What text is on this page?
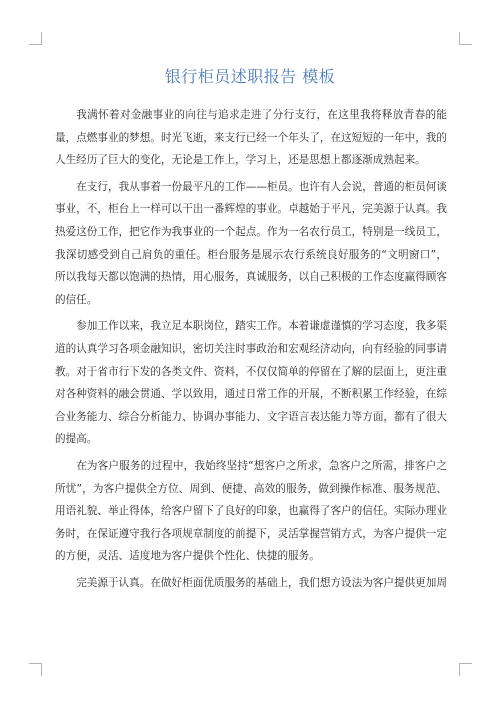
银行柜员述职报告 模板

我满怀着对金融事业的向往与追求走进了分行支行，在这里我将释放青春的能量，点燃事业的梦想。时光飞逝，来支行已经一个年头了，在这短短的一年中，我的人生经历了巨大的变化，无论是工作上，学习上，还是思想上都逐渐成熟起来。

在支行，我从事着一份最平凡的工作——柜员。也许有人会说，普通的柜员何谈事业，不，柜台上一样可以干出一番辉煌的事业。卓越始于平凡，完美源于认真。我热爱这份工作，把它作为我事业的一个起点。作为一名农行员工，特别是一线员工，我深切感受到自己肩负的重任。柜台服务是展示农行系统良好服务的“文明窗口”，所以我每天都以饱满的热情，用心服务，真诚服务，以自己积极的工作态度赢得顾客的信任。

参加工作以来，我立足本职岗位，踏实工作。本着谦虚谨慎的学习态度，我多渠道的认真学习各项金融知识，密切关注时事政治和宏观经济动向，向有经验的同事请教。对于省市行下发的各类文件、资料，不仅仅简单的停留在了解的层面上，更注重对各种资料的融会贯通、学以致用，通过日常工作的开展，不断积累工作经验，在综合业务能力、综合分析能力、协调办事能力、文字语言表达能力等方面，都有了很大的提高。

在为客户服务的过程中，我始终坚持“想客户之所求，急客户之所需，排客户之所忧”，为客户提供全方位、周到、便捷、高效的服务，做到操作标准、服务规范、用语礼貌、举止得体，给客户留下了良好的印象，也赢得了客户的信任。实际办理业务时，在保证遵守我行各项规章制度的前提下，灵活掌握营销方式，为客户提供一定的方便，灵活、适度地为客户提供个性化、快捷的服务。

完美源于认真。在做好柜面优质服务的基础上，我们想方设法为客户提供更加周
